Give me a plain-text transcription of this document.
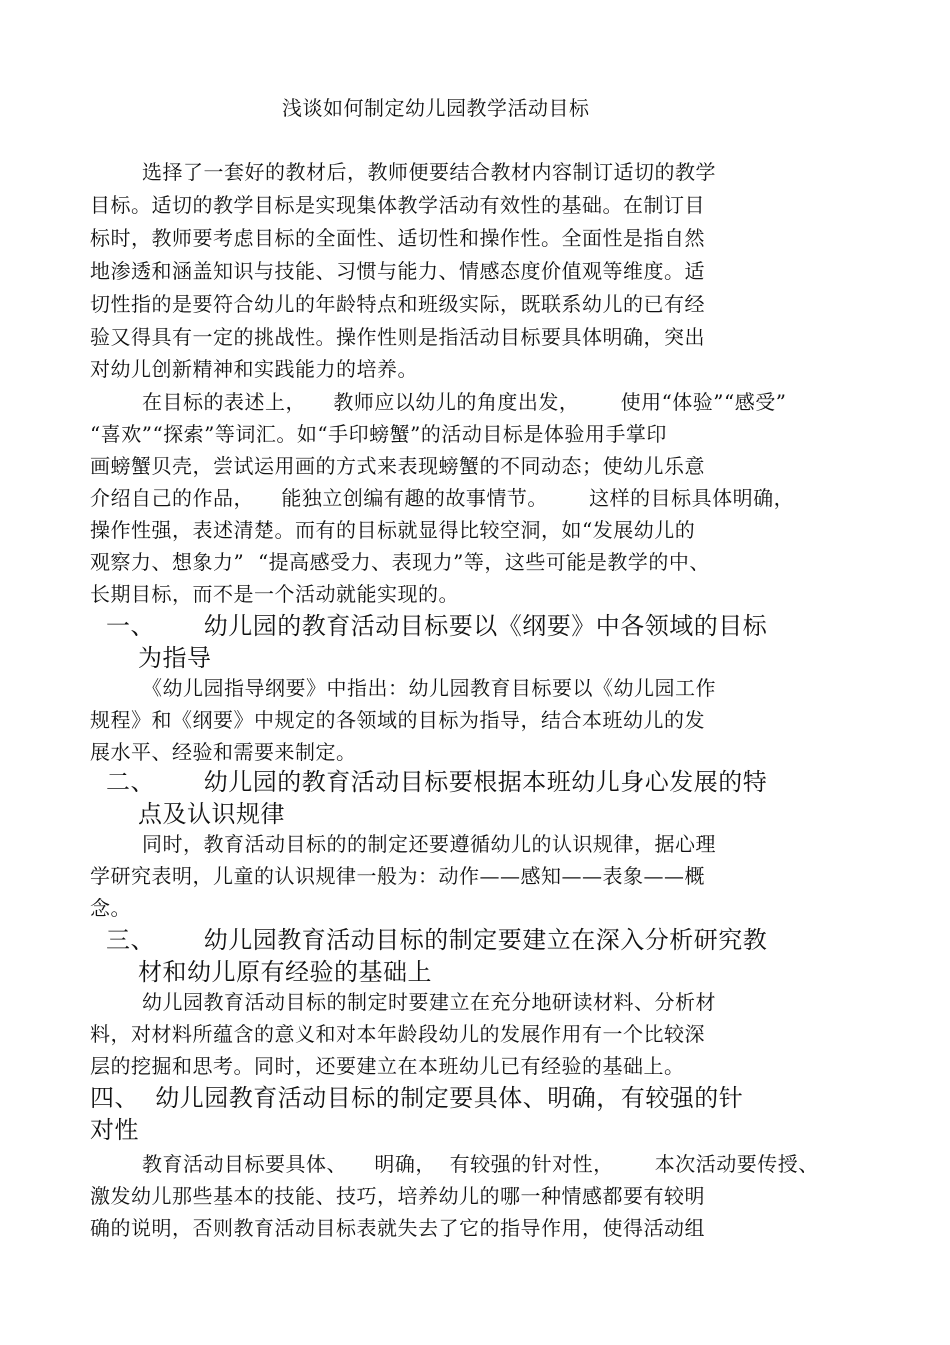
浅谈如何制定幼儿园教学活动目标
选择了一套好的教材后，教师便要结合教材内容制订适切的教学
目标。适切的教学目标是实现集体教学活动有效性的基础。在制订目
标时，教师要考虑目标的全面性、适切性和操作性。全面性是指自然
地渗透和涵盖知识与技能、习惯与能力、情感态度价值观等维度。适
切性指的是要符合幼儿的年龄特点和班级实际，既联系幼儿的已有经
验又得具有一定的挑战性。操作性则是指活动目标要具体明确，突出
对幼儿创新精神和实践能力的培养。
在目标的表述上，    教师应以幼儿的角度出发，      使用“体验”“感受”
“喜欢”“探索”等词汇。如“手印螃蟹”的活动目标是体验用手掌印
画螃蟹贝壳，尝试运用画的方式来表现螃蟹的不同动态；使幼儿乐意
介绍自己的作品，    能独立创编有趣的故事情节。      这样的目标具体明确，
操作性强，表述清楚。而有的目标就显得比较空洞，如“发展幼儿的
观察力、想象力”  “提高感受力、表现力”等，这些可能是教学的中、
长期目标，而不是一个活动就能实现的。
一、      幼儿园的教育活动目标要以《纲要》中各领域的目标
为指导
《幼儿园指导纲要》中指出：幼儿园教育目标要以《幼儿园工作
规程》和《纲要》中规定的各领域的目标为指导，结合本班幼儿的发
展水平、经验和需要来制定。
二、      幼儿园的教育活动目标要根据本班幼儿身心发展的特
点及认识规律
同时，教育活动目标的的制定还要遵循幼儿的认识规律，据心理
学研究表明，儿童的认识规律一般为：动作——感知——表象——概
念。
三、      幼儿园教育活动目标的制定要建立在深入分析研究教
材和幼儿原有经验的基础上
幼儿园教育活动目标的制定时要建立在充分地研读材料、分析材
料，对材料所蕴含的意义和对本年龄段幼儿的发展作用有一个比较深
层的挖掘和思考。同时，还要建立在本班幼儿已有经验的基础上。
四、  幼儿园教育活动目标的制定要具体、明确，有较强的针
对性
教育活动目标要具体、    明确，  有较强的针对性，      本次活动要传授、
激发幼儿那些基本的技能、技巧，培养幼儿的哪一种情感都要有较明
确的说明，否则教育活动目标表就失去了它的指导作用，使得活动组
